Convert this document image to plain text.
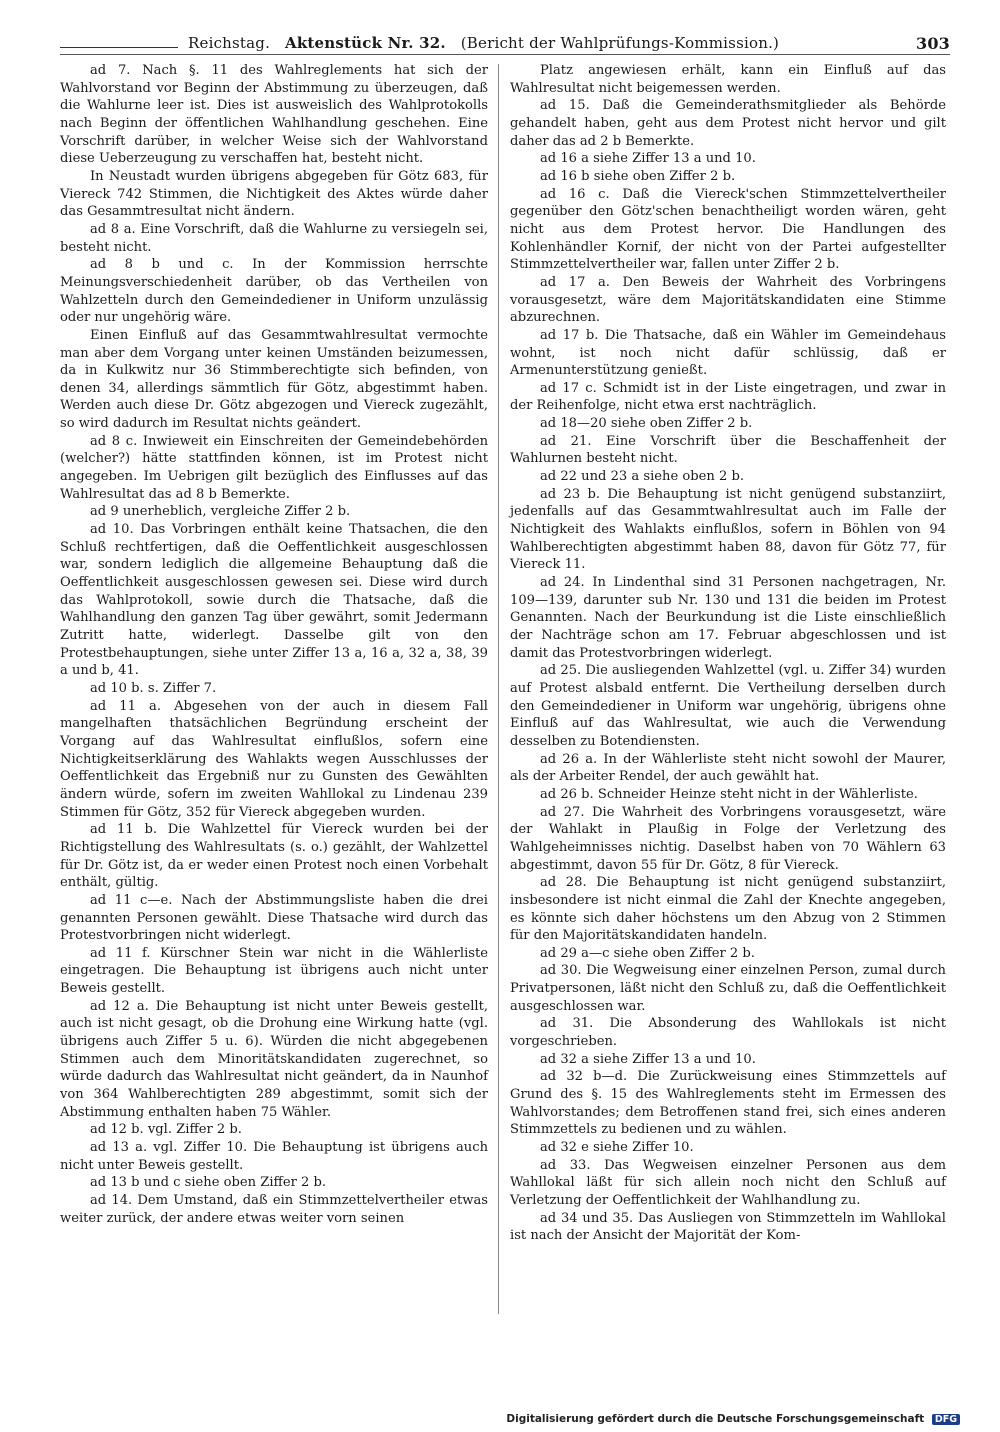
Reichstag. Aktenstück Nr. 32. (Bericht der Wahlprüfungs-Kommission.)	303

ad 7. Nach §. 11 des Wahlreglements hat sich der Wahlvorstand vor Beginn der Abstimmung zu überzeugen, daß die Wahlurne leer ist. Dies ist ausweislich des Wahlprotokolls nach Beginn der öffentlichen Wahlhandlung geschehen. Eine Vorschrift darüber, in welcher Weise sich der Wahlvorstand diese Ueberzeugung zu verschaffen hat, besteht nicht.

In Neustadt wurden übrigens abgegeben für Götz 683, für Viereck 742 Stimmen, die Nichtigkeit des Aktes würde daher das Gesammtresultat nicht ändern.

ad 8 a. Eine Vorschrift, daß die Wahlurne zu versiegeln sei, besteht nicht.

ad 8 b und c. In der Kommission herrschte Meinungsverschiedenheit darüber, ob das Vertheilen von Wahlzetteln durch den Gemeindediener in Uniform unzulässig oder nur ungehörig wäre.

Einen Einfluß auf das Gesammtwahlresultat vermochte man aber dem Vorgang unter keinen Umständen beizumessen, da in Kulkwitz nur 36 Stimmberechtigte sich befinden, von denen 34, allerdings sämmtlich für Götz, abgestimmt haben. Werden auch diese Dr. Götz abgezogen und Viereck zugezählt, so wird dadurch im Resultat nichts geändert.

ad 8 c. Inwieweit ein Einschreiten der Gemeindebehörden (welcher?) hätte stattfinden können, ist im Protest nicht angegeben. Im Uebrigen gilt bezüglich des Einflusses auf das Wahlresultat das ad 8 b Bemerkte.

ad 9 unerheblich, vergleiche Ziffer 2 b.

ad 10. Das Vorbringen enthält keine Thatsachen, die den Schluß rechtfertigen, daß die Oeffentlichkeit ausgeschlossen war, sondern lediglich die allgemeine Behauptung daß die Oeffentlichkeit ausgeschlossen gewesen sei. Diese wird durch das Wahlprotokoll, sowie durch die Thatsache, daß die Wahlhandlung den ganzen Tag über gewährt, somit Jedermann Zutritt hatte, widerlegt. Dasselbe gilt von den Protestbehauptungen, siehe unter Ziffer 13 a, 16 a, 32 a, 38, 39 a und b, 41.

ad 10 b. s. Ziffer 7.

ad 11 a. Abgesehen von der auch in diesem Fall mangelhaften thatsächlichen Begründung erscheint der Vorgang auf das Wahlresultat einflußlos, sofern eine Nichtigkeitserklärung des Wahlakts wegen Ausschlusses der Oeffentlichkeit das Ergebniß nur zu Gunsten des Gewählten ändern würde, sofern im zweiten Wahllokal zu Lindenau 239 Stimmen für Götz, 352 für Viereck abgegeben wurden.

ad 11 b. Die Wahlzettel für Viereck wurden bei der Richtigstellung des Wahlresultats (s. o.) gezählt, der Wahlzettel für Dr. Götz ist, da er weder einen Protest noch einen Vorbehalt enthält, gültig.

ad 11 c—e. Nach der Abstimmungsliste haben die drei genannten Personen gewählt. Diese Thatsache wird durch das Protestvorbringen nicht widerlegt.

ad 11 f. Kürschner Stein war nicht in die Wählerliste eingetragen. Die Behauptung ist übrigens auch nicht unter Beweis gestellt.

ad 12 a. Die Behauptung ist nicht unter Beweis gestellt, auch ist nicht gesagt, ob die Drohung eine Wirkung hatte (vgl. übrigens auch Ziffer 5 u. 6). Würden die nicht abgegebenen Stimmen auch dem Minoritätskandidaten zugerechnet, so würde dadurch das Wahlresultat nicht geändert, da in Naunhof von 364 Wahlberechtigten 289 abgestimmt, somit sich der Abstimmung enthalten haben 75 Wähler.

ad 12 b. vgl. Ziffer 2 b.

ad 13 a. vgl. Ziffer 10. Die Behauptung ist übrigens auch nicht unter Beweis gestellt.

ad 13 b und c siehe oben Ziffer 2 b.

ad 14. Dem Umstand, daß ein Stimmzettelvertheiler etwas weiter zurück, der andere etwas weiter vorn seinen

Platz angewiesen erhält, kann ein Einfluß auf das Wahlresultat nicht beigemessen werden.

ad 15. Daß die Gemeinderathsmitglieder als Behörde gehandelt haben, geht aus dem Protest nicht hervor und gilt daher das ad 2 b Bemerkte.

ad 16 a siehe Ziffer 13 a und 10.

ad 16 b siehe oben Ziffer 2 b.

ad 16 c. Daß die Viereck'schen Stimmzettelvertheiler gegenüber den Götz'schen benachtheiligt worden wären, geht nicht aus dem Protest hervor. Die Handlungen des Kohlenhändler Kornif, der nicht von der Partei aufgestellter Stimmzettelvertheiler war, fallen unter Ziffer 2 b.

ad 17 a. Den Beweis der Wahrheit des Vorbringens vorausgesetzt, wäre dem Majoritätskandidaten eine Stimme abzurechnen.

ad 17 b. Die Thatsache, daß ein Wähler im Gemeindehaus wohnt, ist noch nicht dafür schlüssig, daß er Armenunterstützung genießt.

ad 17 c. Schmidt ist in der Liste eingetragen, und zwar in der Reihenfolge, nicht etwa erst nachträglich.

ad 18—20 siehe oben Ziffer 2 b.

ad 21. Eine Vorschrift über die Beschaffenheit der Wahlurnen besteht nicht.

ad 22 und 23 a siehe oben 2 b.

ad 23 b. Die Behauptung ist nicht genügend substanziirt, jedenfalls auf das Gesammtwahlresultat auch im Falle der Nichtigkeit des Wahlakts einflußlos, sofern in Böhlen von 94 Wahlberechtigten abgestimmt haben 88, davon für Götz 77, für Viereck 11.

ad 24. In Lindenthal sind 31 Personen nachgetragen, Nr. 109—139, darunter sub Nr. 130 und 131 die beiden im Protest Genannten. Nach der Beurkundung ist die Liste einschließlich der Nachträge schon am 17. Februar abgeschlossen und ist damit das Protestvorbringen widerlegt.

ad 25. Die ausliegenden Wahlzettel (vgl. u. Ziffer 34) wurden auf Protest alsbald entfernt. Die Vertheilung derselben durch den Gemeindediener in Uniform war ungehörig, übrigens ohne Einfluß auf das Wahlresultat, wie auch die Verwendung desselben zu Botendiensten.

ad 26 a. In der Wählerliste steht nicht sowohl der Maurer, als der Arbeiter Rendel, der auch gewählt hat.

ad 26 b. Schneider Heinze steht nicht in der Wählerliste.

ad 27. Die Wahrheit des Vorbringens vorausgesetzt, wäre der Wahlakt in Plaußig in Folge der Verletzung des Wahlgeheimnisses nichtig. Daselbst haben von 70 Wählern 63 abgestimmt, davon 55 für Dr. Götz, 8 für Viereck.

ad 28. Die Behauptung ist nicht genügend substanziirt, insbesondere ist nicht einmal die Zahl der Knechte angegeben, es könnte sich daher höchstens um den Abzug von 2 Stimmen für den Majoritätskandidaten handeln.

ad 29 a—c siehe oben Ziffer 2 b.

ad 30. Die Wegweisung einer einzelnen Person, zumal durch Privatpersonen, läßt nicht den Schluß zu, daß die Oeffentlichkeit ausgeschlossen war.

ad 31. Die Absonderung des Wahllokals ist nicht vorgeschrieben.

ad 32 a siehe Ziffer 13 a und 10.

ad 32 b—d. Die Zurückweisung eines Stimmzettels auf Grund des §. 15 des Wahlreglements steht im Ermessen des Wahlvorstandes; dem Betroffenen stand frei, sich eines anderen Stimmzettels zu bedienen und zu wählen.

ad 32 e siehe Ziffer 10.

ad 33. Das Wegweisen einzelner Personen aus dem Wahllokal läßt für sich allein noch nicht den Schluß auf Verletzung der Oeffentlichkeit der Wahlhandlung zu.

ad 34 und 35. Das Ausliegen von Stimmzetteln im Wahllokal ist nach der Ansicht der Majorität der Kom-

Digitalisierung gefördert durch die Deutsche Forschungsgemeinschaft DFG
